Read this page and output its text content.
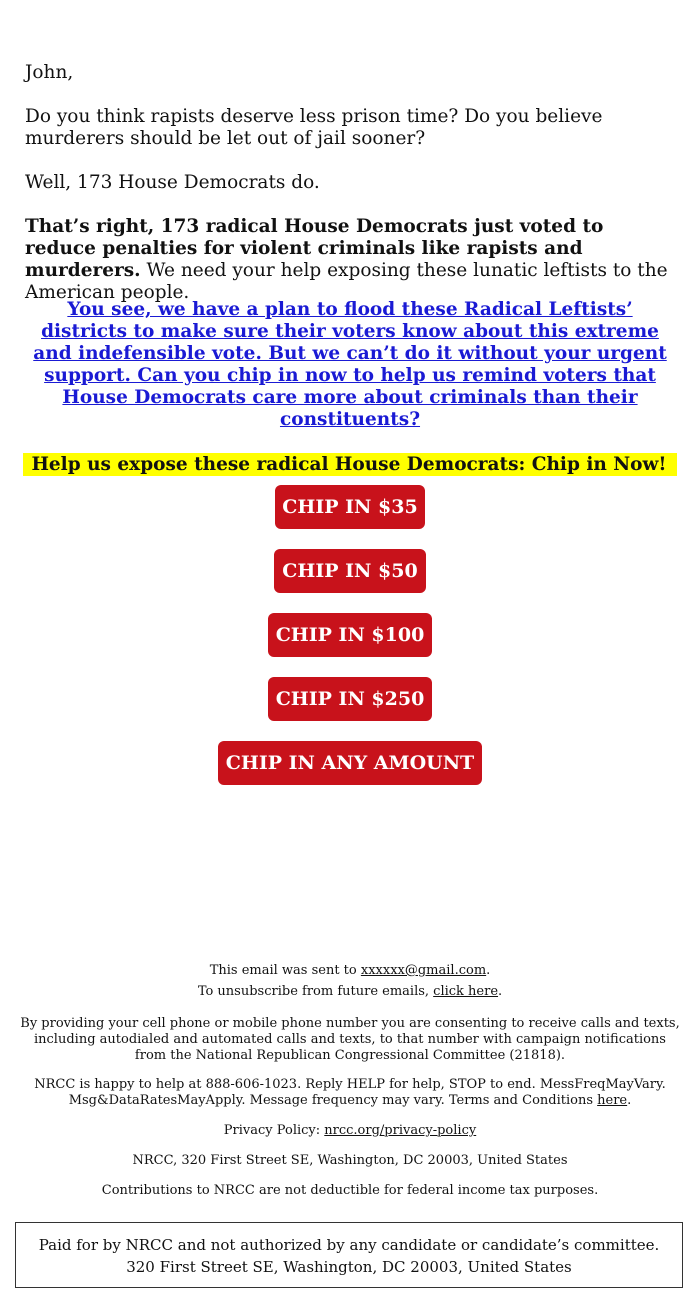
John,
Do you think rapists deserve less prison time? Do you believe murderers should be let out of jail sooner?
Well, 173 House Democrats do.
That’s right, 173 radical House Democrats just voted to reduce penalties for violent criminals like rapists and murderers. We need your help exposing these lunatic leftists to the American people.
You see, we have a plan to flood these Radical Leftists’ districts to make sure their voters know about this extreme and indefensible vote. But we can’t do it without your urgent support. Can you chip in now to help us remind voters that House Democrats care more about criminals than their constituents?
Help us expose these radical House Democrats: Chip in Now!
CHIP IN $35
CHIP IN $50
CHIP IN $100
CHIP IN $250
CHIP IN ANY AMOUNT
This email was sent to xxxxxx@gmail.com.
To unsubscribe from future emails, click here.
By providing your cell phone or mobile phone number you are consenting to receive calls and texts, including autodialed and automated calls and texts, to that number with campaign notifications from the National Republican Congressional Committee (21818).
NRCC is happy to help at 888-606-1023. Reply HELP for help, STOP to end. MessFreqMayVary. Msg&DataRatesMayApply. Message frequency may vary. Terms and Conditions here.
Privacy Policy: nrcc.org/privacy-policy
NRCC, 320 First Street SE, Washington, DC 20003, United States
Contributions to NRCC are not deductible for federal income tax purposes.
Paid for by NRCC and not authorized by any candidate or candidate’s committee. 320 First Street SE, Washington, DC 20003, United States
